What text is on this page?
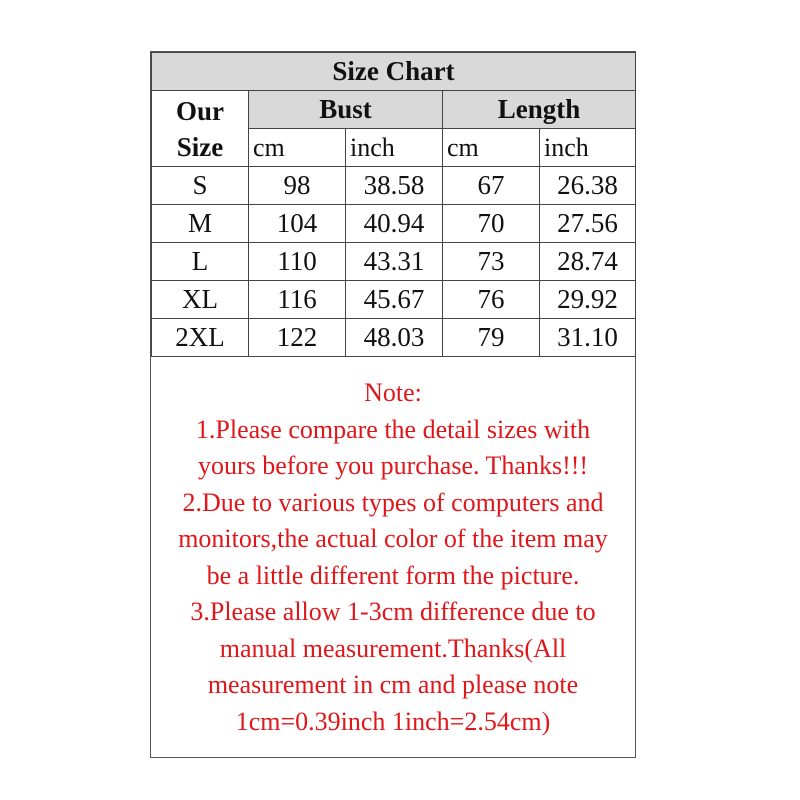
Size Chart				

Our
Size	Bust		Length	
	cm	inch	cm	inch
S	98	38.58	67	26.38
M	104	40.94	70	27.56
L	110	43.31	73	28.74
XL	116	45.67	76	29.92
2XL	122	48.03	79	31.10
Note:
1.Please compare the detail sizes with
yours before you purchase. Thanks!!!
2.Due to various types of computers and
monitors,the actual color of the item may
be a little different form the picture.
3.Please allow 1-3cm difference due to
manual measurement.Thanks(All
measurement in cm and please note
1cm=0.39inch 1inch=2.54cm)
